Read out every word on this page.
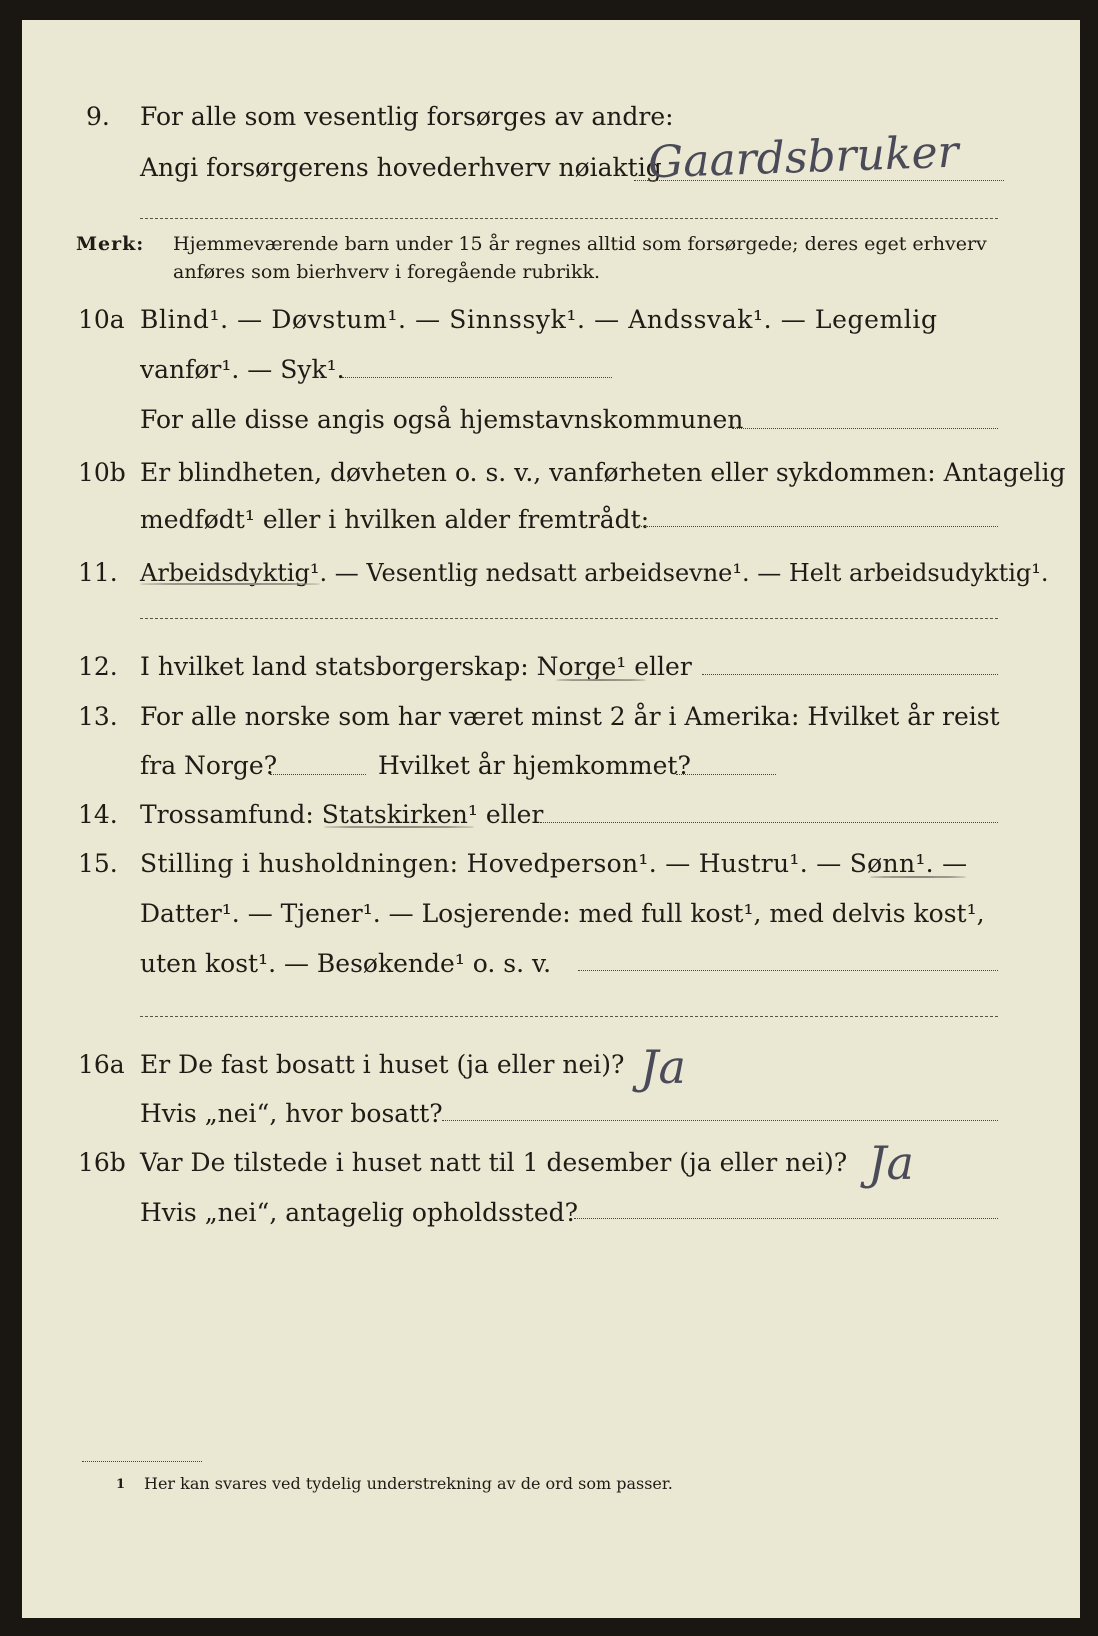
9. For alle som vesentlig forsørges av andre:
Angi forsørgerens hovederhverv nøiaktig
Gaardsbruker
Merk: Hjemmeværende barn under 15 år regnes alltid som forsørgede; deres eget erhverv
anføres som bierhverv i foregående rubrikk.
10a Blind¹. — Døvstum¹. — Sinnssyk¹. — Andssvak¹. — Legemlig
vanfør¹. — Syk¹.
For alle disse angis også hjemstavnskommunen
10b Er blindheten, døvheten o. s. v., vanførheten eller sykdommen: Antagelig
medfødt¹ eller i hvilken alder fremtrådt:
11. Arbeidsdyktig¹. — Vesentlig nedsatt arbeidsevne¹. — Helt arbeidsudyktig¹.
12. I hvilket land statsborgerskap: Norge¹ eller
13. For alle norske som har været minst 2 år i Amerika: Hvilket år reist
fra Norge?	Hvilket år hjemkommet?
14. Trossamfund: Statskirken¹ eller
15. Stilling i husholdningen: Hovedperson¹. — Hustru¹. — Sønn¹. —
Datter¹. — Tjener¹. — Losjerende: med full kost¹, med delvis kost¹,
uten kost¹. — Besøkende¹ o. s. v.
16a Er De fast bosatt i huset (ja eller nei)? Ja
Hvis „nei“, hvor bosatt?
16b Var De tilstede i huset natt til 1 desember (ja eller nei)? Ja
Hvis „nei“, antagelig opholdssted?
1 Her kan svares ved tydelig understrekning av de ord som passer.
